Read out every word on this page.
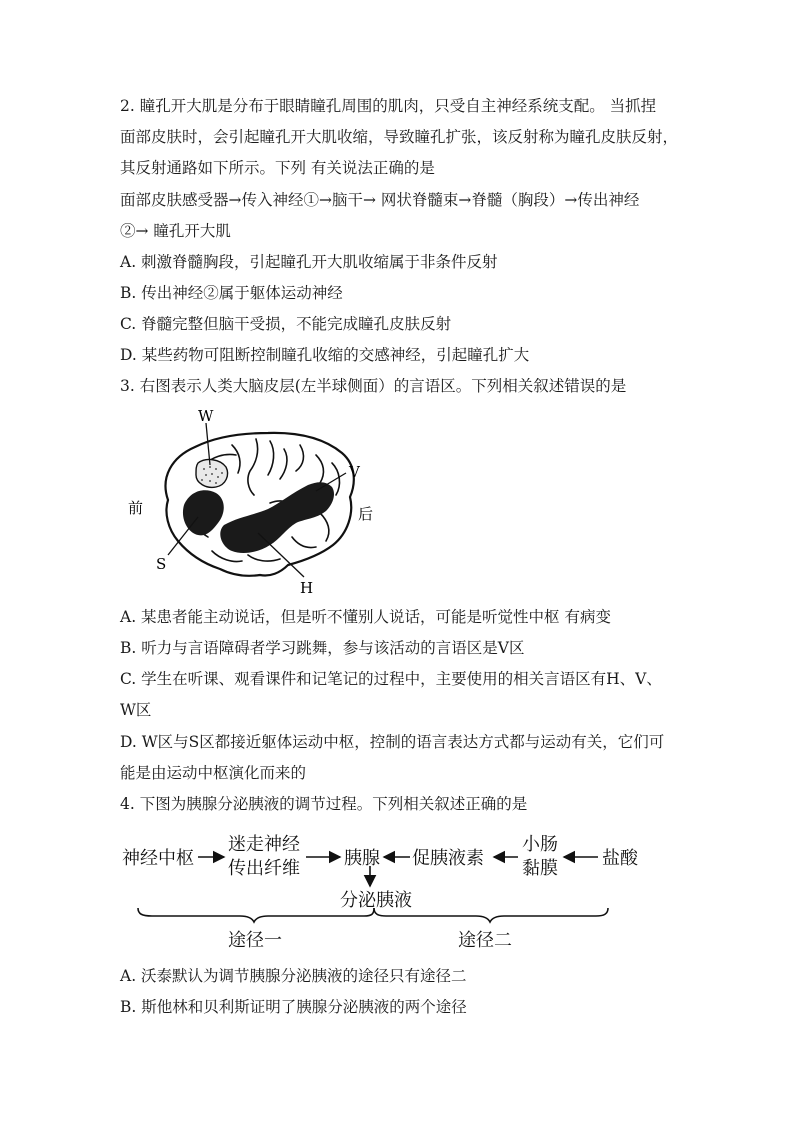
2. 瞳孔开大肌是分布于眼睛瞳孔周围的肌肉，只受自主神经系统支配。 当抓捏
面部皮肤时，会引起瞳孔开大肌收缩，导致瞳孔扩张，该反射称为瞳孔皮肤反射，
其反射通路如下所示。下列 有关说法正确的是
面部皮肤感受器→传入神经①→脑干→ 网状脊髓束→脊髓（胸段）→传出神经
②→ 瞳孔开大肌
A. 刺激脊髓胸段，引起瞳孔开大肌收缩属于非条件反射
B. 传出神经②属于躯体运动神经
C. 脊髓完整但脑干受损，不能完成瞳孔皮肤反射
D. 某些药物可阻断控制瞳孔收缩的交感神经，引起瞳孔扩大
3. 右图表示人类大脑皮层(左半球侧面）的言语区。下列相关叙述错误的是
W
V
S
H
前	后
A. 某患者能主动说话，但是听不懂别人说话，可能是听觉性中枢 有病变
B. 听力与言语障碍者学习跳舞，参与该活动的言语区是V区
C. 学生在听课、观看课件和记笔记的过程中，主要使用的相关言语区有H、V、
W区
D. W区与S区都接近躯体运动中枢，控制的语言表达方式都与运动有关，它们可
能是由运动中枢演化而来的
4. 下图为胰腺分泌胰液的调节过程。下列相关叙述正确的是
神经中枢
迷走神经
传出纤维 胰腺 促胰液素
小肠
黏膜 盐酸
分泌胰液
途径一	途径二
A. 沃泰默认为调节胰腺分泌胰液的途径只有途径二
B. 斯他林和贝利斯证明了胰腺分泌胰液的两个途径
